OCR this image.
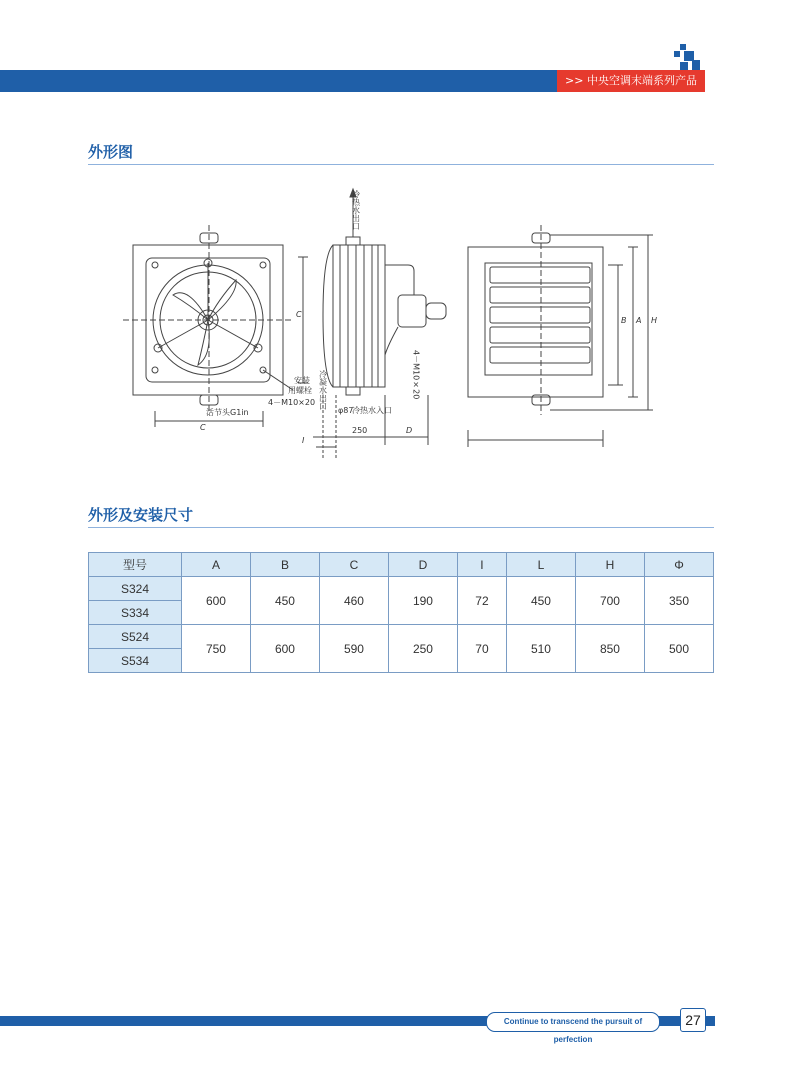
>> 中央空调末端系列产品
外形图
C
C
活节头G1in
安装
用螺栓
4－M10×20
冷热水出口
冷凝水出口
冷热水入口
φ87
250	D
I
4－M10×20
B A H
外形及安装尺寸
型号	A	B	C	D	I	L	H	Φ
S324	600	450	460	190	72	450	700	350
S334								
S524	750	600	590	250	70	510	850	500
S534								
Continue to transcend the pursuit of perfection
27
